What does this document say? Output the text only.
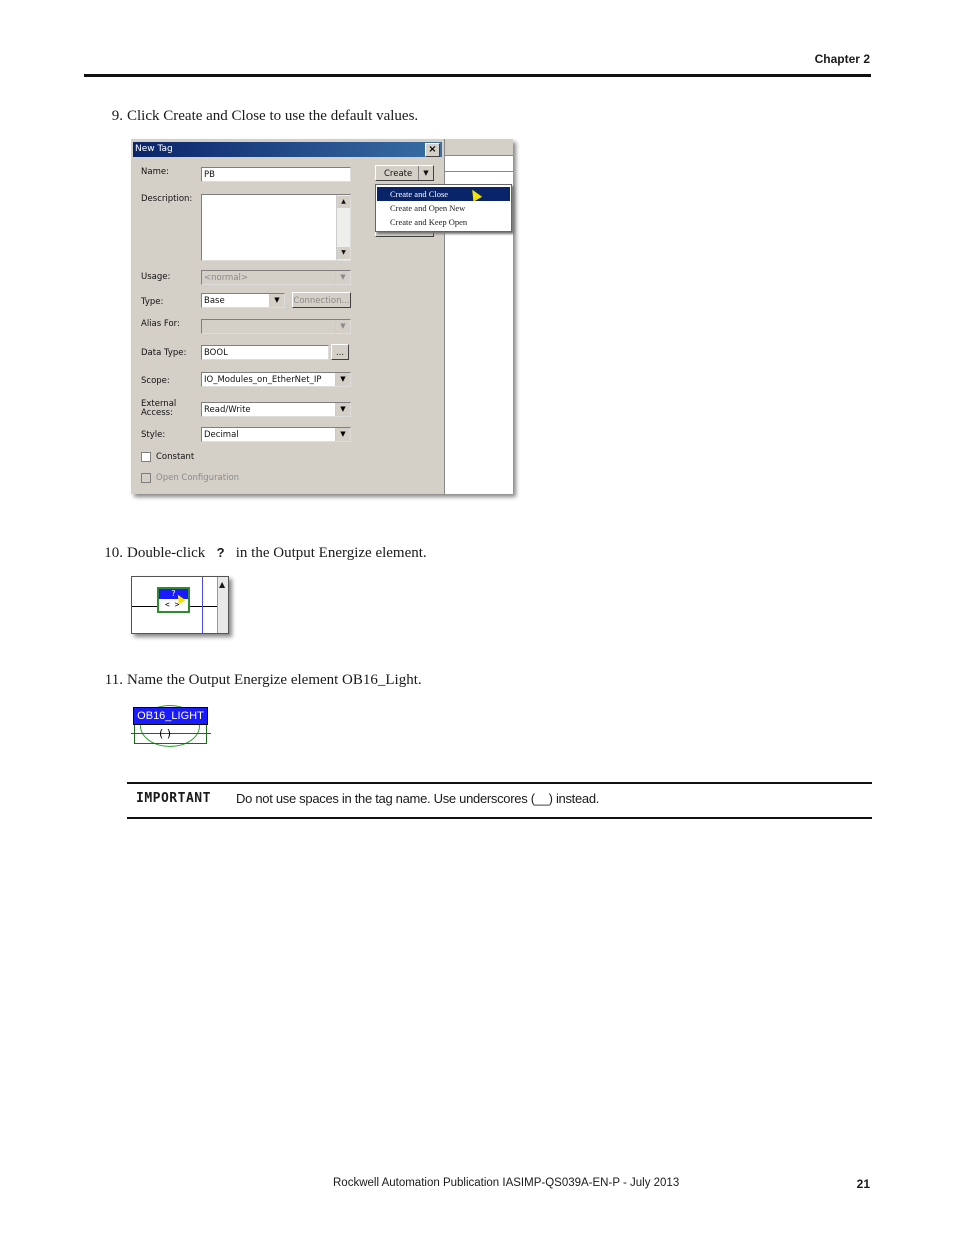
Chapter 2
9. Click Create and Close to use the default values.
New Tag	×
Name:	PB	Create	▼
Description:	▲
▼
Usage:	<normal>	▼
Type:	Base	▼	Connection...
Alias For:	▼
Data Type:	BOOL	...
Scope:	IO_Modules_on_EtherNet_IP	▼
External
Access:	Read/Write	▼
Style:	Decimal	▼
Constant
Open Configuration
Create and Close
Create and Open New
Create and Keep Open
10. Double-click ? in the Output Energize element.
?
< >
▲
11. Name the Output Energize element OB16_Light.
OB16_LIGHT
( )
IMPORTANT Do not use spaces in the tag name. Use underscores (__) instead.
Rockwell Automation Publication IASIMP-QS039A-EN-P - July 2013	21
